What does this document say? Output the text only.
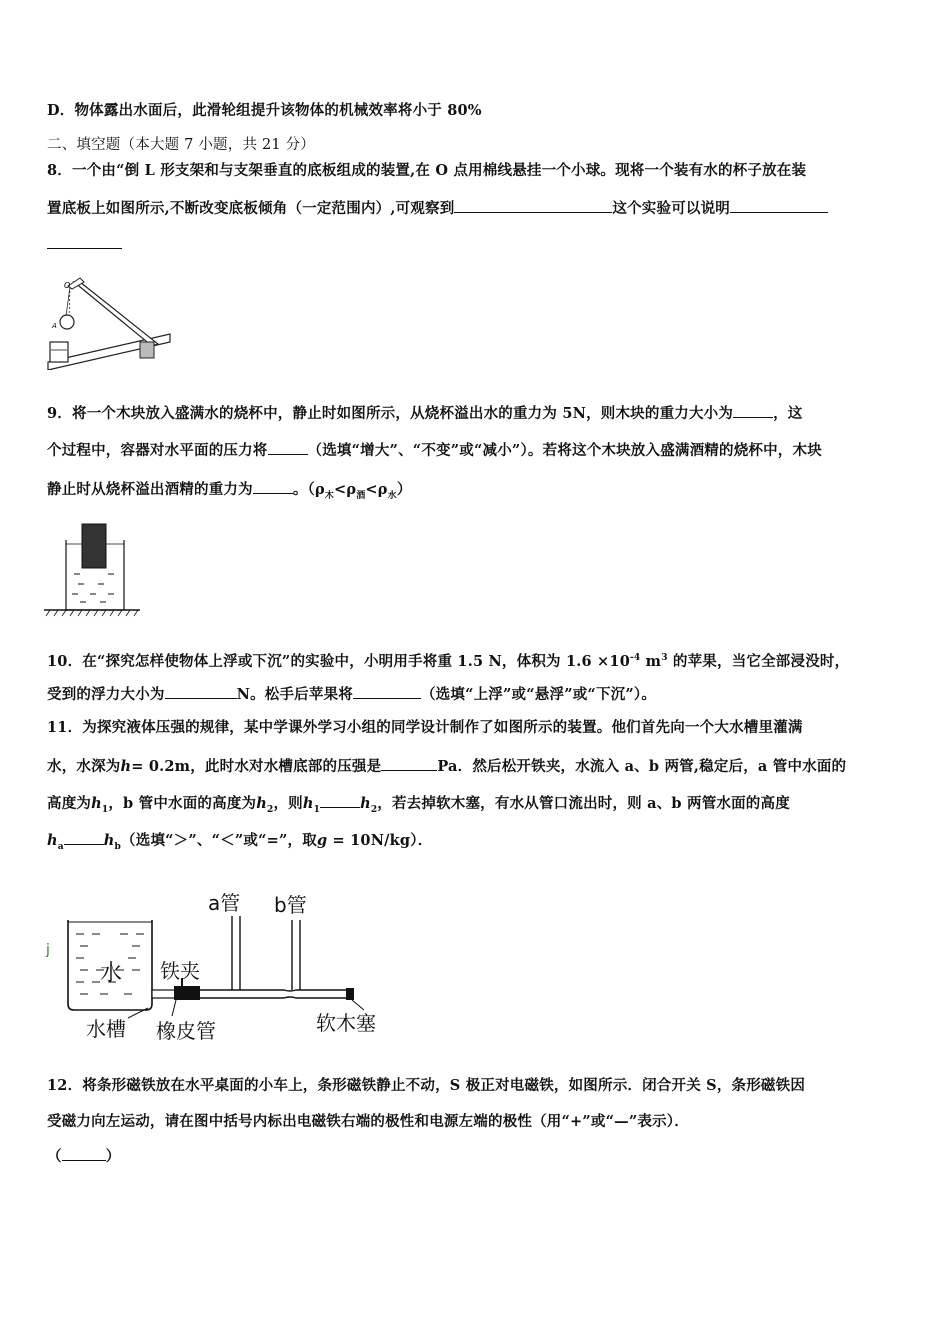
D．物体露出水面后，此滑轮组提升该物体的机械效率将小于 80%
二、填空题（本大题 7 小题，共 21 分）
8．一个由“倒 L 形支架和与支架垂直的底板组成的装置,在 O 点用棉线悬挂一个小球。现将一个装有水的杯子放在装
置底板上如图所示,不断改变底板倾角（一定范围内）,可观察到	这个实验可以说明
O
A
9．将一个木块放入盛满水的烧杯中，静止时如图所示，从烧杯溢出水的重力为 5N，则木块的重力大小为	，这
个过程中，容器对水平面的压力将	（选填“增大”、“不变”或“减小”）。若将这个木块放入盛满酒精的烧杯中，木块
静止时从烧杯溢出酒精的重力为	。$(\rho_木<\rho_酒<\rho_水)$
10．在“探究怎样使物体上浮或下沉”的实验中，小明用手将重 1.5 N，体积为 $1.6 \times 10^{-4}$ $m^3$ 的苹果，当它全部浸没时，
受到的浮力大小为	N。松手后苹果将	（选填“上浮”或“悬浮”或“下沉”）。
11．为探究液体压强的规律，某中学课外学习小组的同学设计制作了如图所示的装置。他们首先向一个大水槽里灌满
水，水深为h= 0.2m，此时水对水槽底部的压强是	Pa．然后松开铁夹，水流入 a、b 两管,稳定后，a 管中水面的
高度为$h_1$，b 管中水面的高度为$h_2$，则$h_1$	$h_2$，若去掉软木塞，有水从管口流出时，则 a、b 两管水面的高度
$h_a$	$h_b$（选填“＞”、“＜”或“=”，取g = 10N/kg）．
j
水
a管 b管
铁夹
水槽 橡皮管	软木塞
12．将条形磁铁放在水平桌面的小车上，条形磁铁静止不动，S 极正对电磁铁，如图所示．闭合开关 S，条形磁铁因
受磁力向左运动，请在图中括号内标出电磁铁右端的极性和电源左端的极性（用“+”或“—”表示）．
（	）
